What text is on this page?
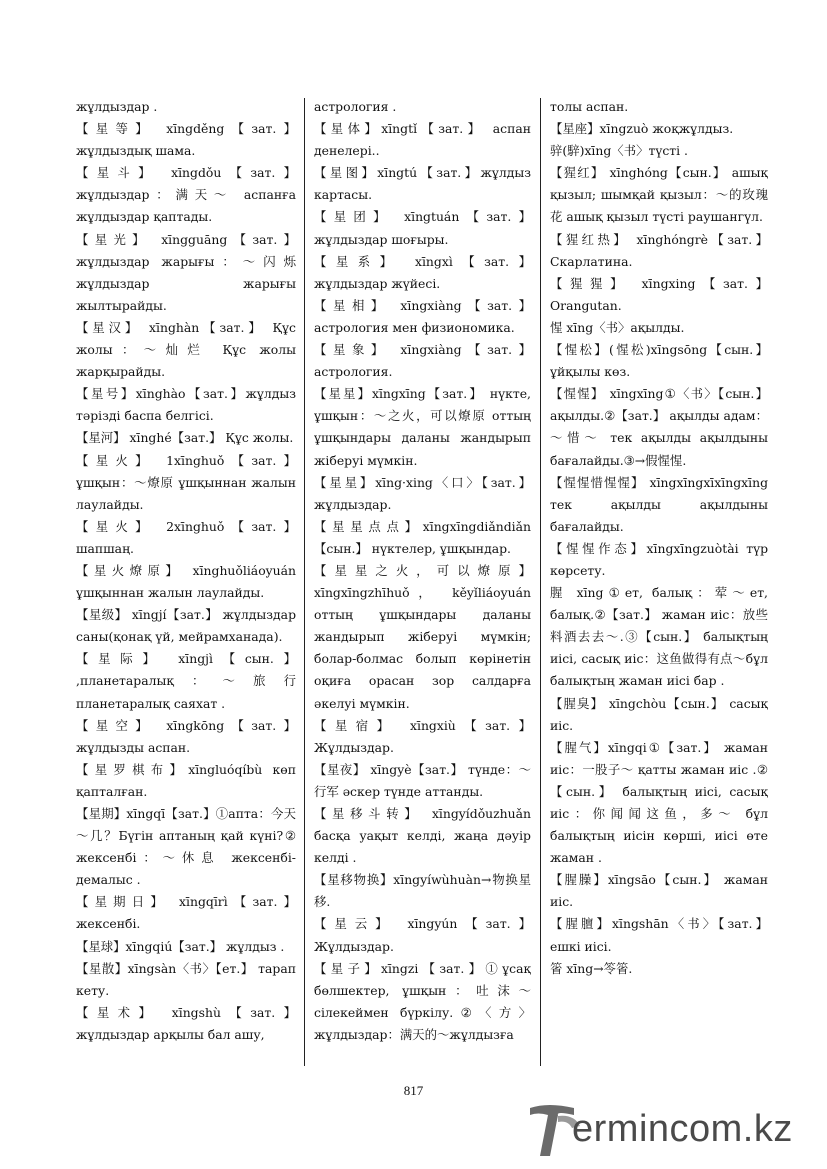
жұлдыздар .

【星等】 xīngděng【зат.】 жұлдыздық шама.

【星斗】 xīngdǒu【зат.】 жұлдыздар：满天～ аспанға жұлдыздар қаптады.

【星光】 xīngguāng【зат.】 жұлдыздар жарығы：～闪烁 жұлдыздар жарығы жылтырайды.

【星汉】 xīnghàn【зат.】 Құс жолы：～灿烂 Құс жолы жарқырайды.

【星号】xīnghào【зат.】жұлдыз тәрізді баспа белгісі.

【星河】 xīnghé【зат.】 Құс жолы.

【星火】 1xīnghuǒ【зат.】 ұшқын：～燎原 ұшқыннан жалын лаулайды.

【星火】 2xīnghuǒ【зат.】 шапшаң.

【星火燎原】 xīnghuǒliáoyuán ұшқыннан жалын лаулайды.

【星级】 xīngjí【зат.】 жұлдыздар саны(қонақ үй, мейрамханада).

【星际】 xīngjì【сын.】 ,планетаралық：～旅行 планетаралық саяхат .

【星空】 xīngkōng【зат.】 жұлдызды аспан.

【星罗棋布】xīngluóqíbù көп қапталған.

【星期】xīngqī【зат.】①апта：今天～几？Бүгін аптаның қай күні?② жексенбі：～休息 жексенбі-демалыс .

【星期日】 xīngqīrì【зат.】 жексенбі.

【星球】xīngqiú【зат.】 жұлдыз .

【星散】xīngsàn〈书〉【ет.】 тарап кету.

【星术】 xīngshù【зат.】 жұлдыздар арқылы бал ашу,

астрология .

【星体】xīngtǐ【зат.】 аспан денелері..

【星图】xīngtú【зат.】жұлдыз картасы.

【星团】 xīngtuán【зат.】 жұлдыздар шоғыры.

【星系】 xīngxì【зат.】 жұлдыздар жүйесі.

【星相】 xīngxiàng【зат.】 астрология мен физиономика.

【星象】 xīngxiàng【зат.】 астрология.

【星星】xīngxīng【зат.】 нүкте, ұшқын：～之火，可以燎原 оттың ұшқындары даланы жандырып жіберуі мүмкін.

【星星】xīng·xing〈口〉【зат.】 жұлдыздар.

【星星点点】xīngxīngdiǎndiǎn【сын.】 нүктелер, ұшқындар.

【星星之火，可以燎原】 xīngxīngzhīhuǒ， kěyǐliáoyuán оттың ұшқындары даланы жандырып жіберуі мүмкін; болар-болмас болып көрінетін оқиға орасан зор салдарға әкелуі мүмкін.

【星宿】 xīngxiù【зат.】 Жұлдыздар.

【星夜】 xīngyè【зат.】 түнде：～行军 әскер түнде аттанды.

【星移斗转】 xīngyídǒuzhuǎn басқа уақыт келді, жаңа дәуір келді .

【星移物换】xīngyíwùhuàn→物换星移.

【星云】 xīngyún【зат.】 Жұлдыздар.

【星子】xīngzi【зат.】①ұсақ бөлшектер, ұшқын：吐沫～ сілекеймен бүркілу.②〈方〉 жұлдыздар：满天的～жұлдызға

толы аспан.

【星座】xīngzuò жоқжұлдыз.

骍(騂)xīng〈书〉түсті .

【猩红】 xīnghóng【сын.】 ашық қызыл; шымқай қызыл：～的玫瑰花 ашық қызыл түсті раушангүл.

【猩红热】 xīnghóngrè【зат.】 Скарлатина.

【猩猩】 xīngxing【зат.】 Orangutan.

惺 xīng〈书〉ақылды.

【惺松】(惺松)xīngsōng【сын.】 ұйқылы көз.

【惺惺】 xīngxīng①〈书〉【сын.】 ақылды.②【зат.】 ақылды адам：～惜～ тек ақылды ақылдыны бағалайды.③→假惺惺.

【惺惺惜惺惺】 xīngxīngxīxīngxīng тек ақылды ақылдыны бағалайды.

【惺惺作态】xīngxīngzuòtài түр көрсету.

腥 xīng①ет, балық：荤～ет, балық.②【зат.】 жаман иіс：放些料酒去去～.③【сын.】 балықтың иісі, сасық иіс：这鱼做得有点～бұл балықтың жаман иісі бар .

【腥臭】 xīngchòu【сын.】 сасық иіс.

【腥气】xīngqi①【зат.】 жаман иіс：一股子～ қатты жаман иіс .②【сын.】 балықтың иісі, сасық иіс：你闻闻这鱼，多～ бұл балықтың иісін көрші, иісі өте жаман .

【腥臊】xīngsāo【сын.】 жаман иіс.

【腥膻】xīngshān〈书〉【зат.】 ешкі иісі.

箵 xīng→笭箵.

817
ermincom.kz
